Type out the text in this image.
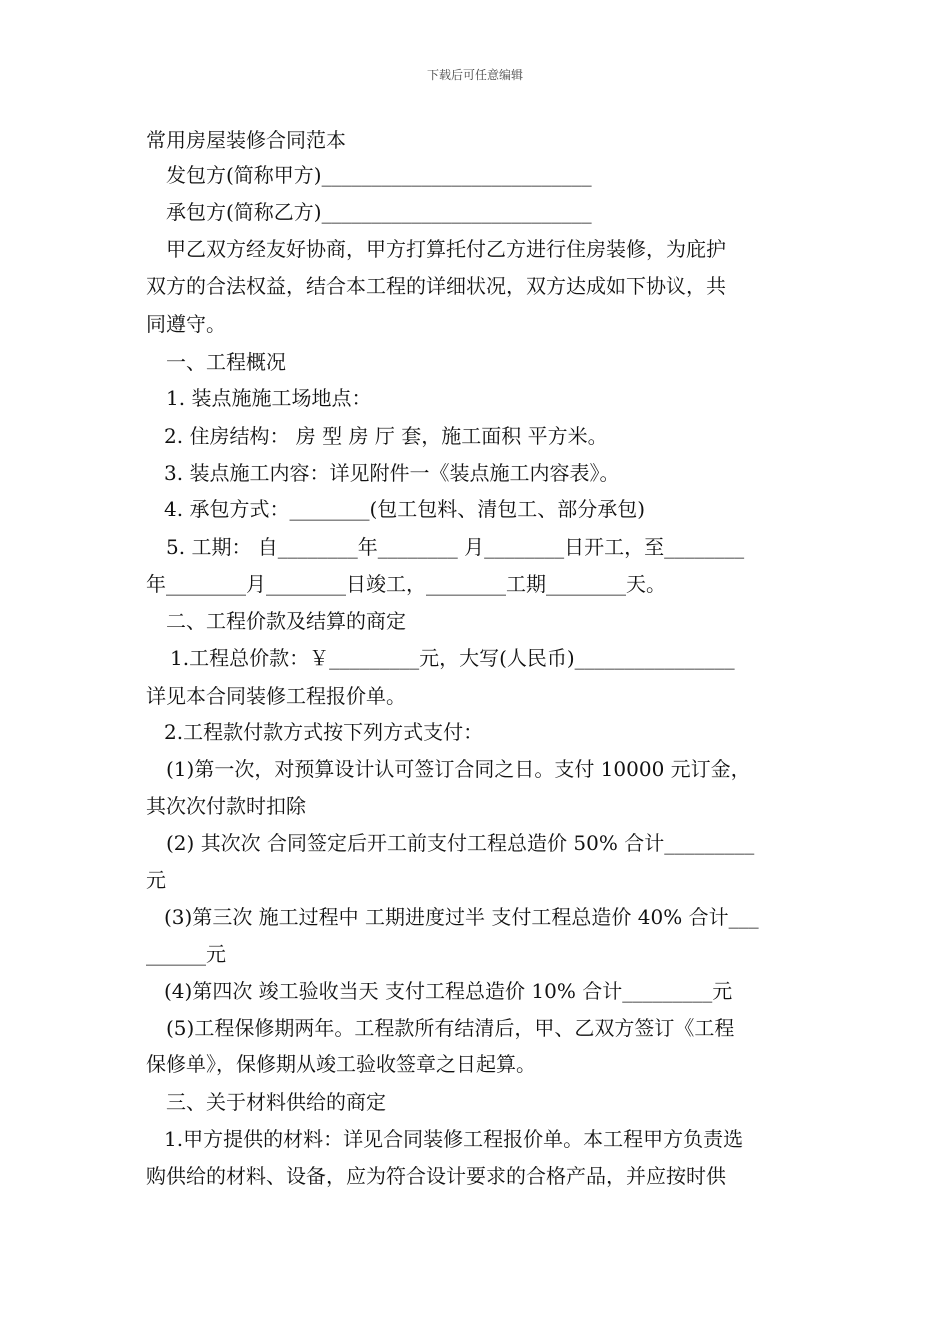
下载后可任意编辑
常用房屋装修合同范本
发包方(简称甲方)___________________________
承包方(简称乙方)___________________________
甲乙双方经友好协商，甲方打算托付乙方进行住房装修，为庇护
双方的合法权益，结合本工程的详细状况，双方达成如下协议，共
同遵守。
一、工程概况
1. 装点施施工场地点：
2. 住房结构： 房 型 房 厅 套，施工面积 平方米。
3. 装点施工内容：详见附件一《装点施工内容表》。
4. 承包方式：________(包工包料、清包工、部分承包)
5. 工期： 自________年________ 月________日开工，至________
年________月________日竣工，________工期________天。
二、工程价款及结算的商定
1.工程总价款：￥_________元，大写(人民币)________________
详见本合同装修工程报价单。
2.工程款付款方式按下列方式支付：
(1)第一次，对预算设计认可签订合同之日。支付 10000 元订金，
其次次付款时扣除
(2) 其次次 合同签定后开工前支付工程总造价 50% 合计_________
元
(3)第三次 施工过程中 工期进度过半 支付工程总造价 40% 合计___
______元
(4)第四次 竣工验收当天 支付工程总造价 10% 合计_________元
(5)工程保修期两年。工程款所有结清后，甲、乙双方签订《工程
保修单》，保修期从竣工验收签章之日起算。
三、关于材料供给的商定
1.甲方提供的材料：详见合同装修工程报价单。本工程甲方负责选
购供给的材料、设备，应为符合设计要求的合格产品，并应按时供
